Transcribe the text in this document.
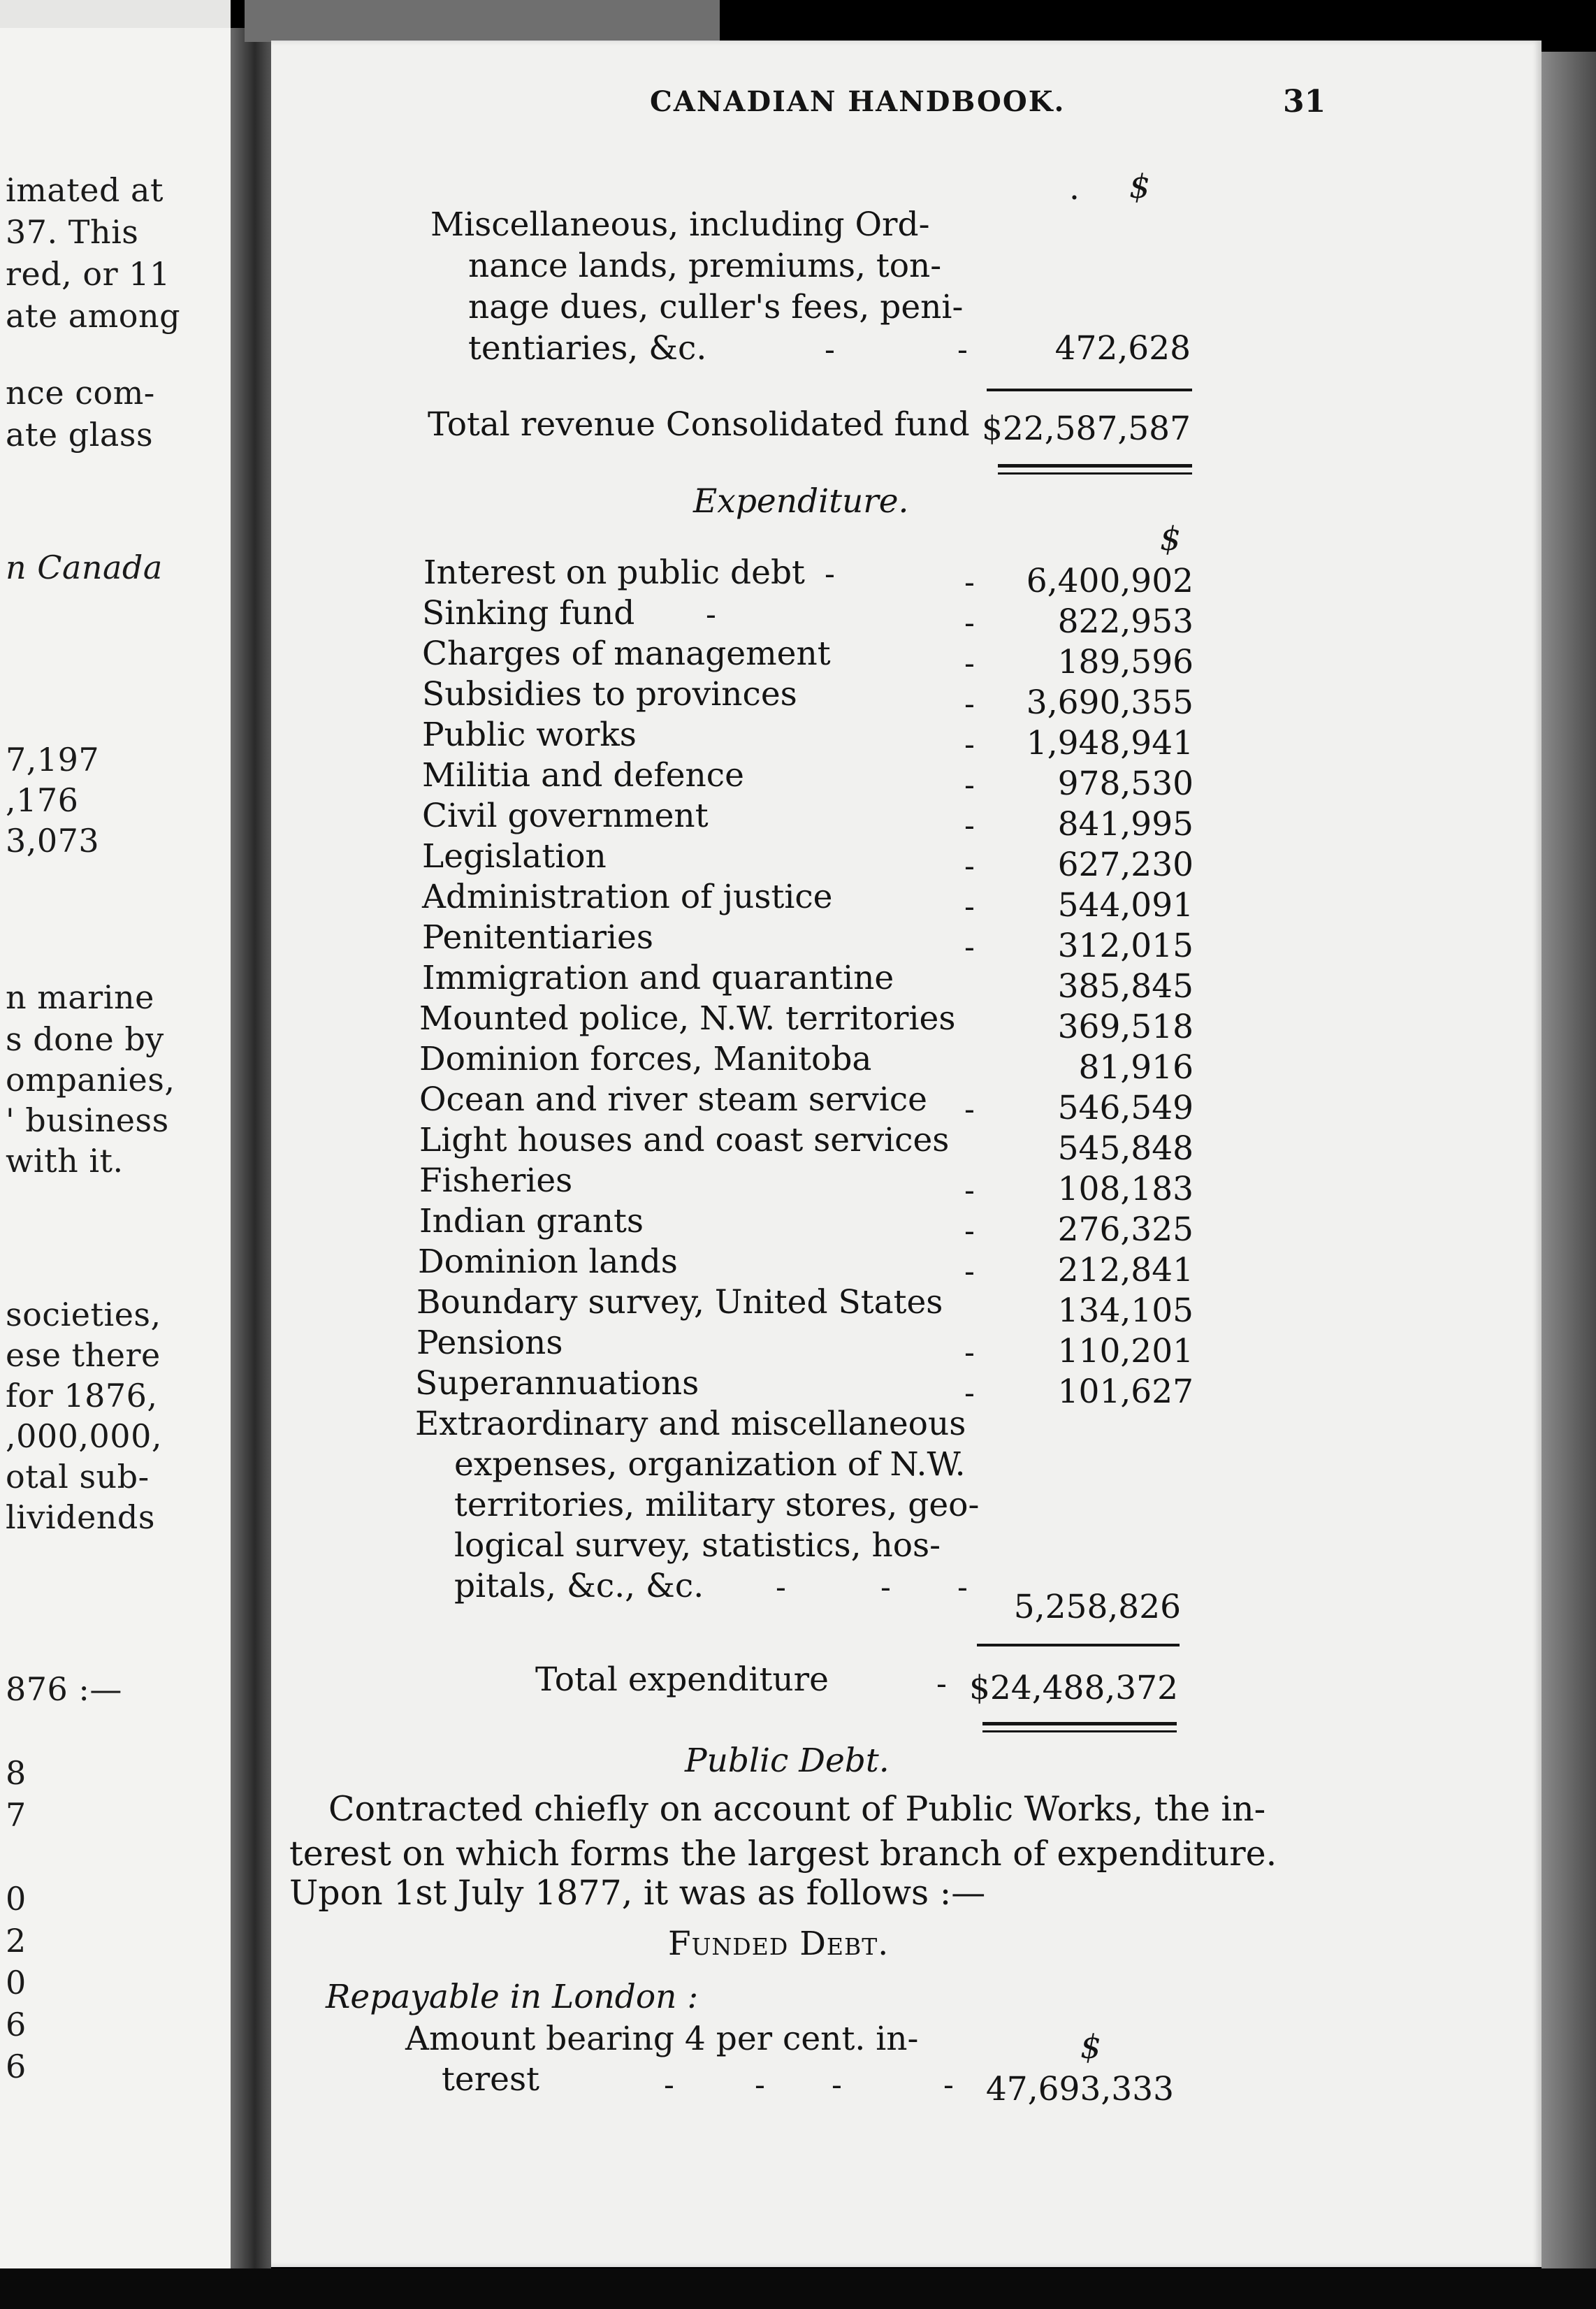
imated at
37. This
red, or 11
ate among
nce com-
ate glass
n Canada
7,197
,176
3,073
n marine
s done by
ompanies,
' business
with it.
societies,
ese there
for 1876,
,000,000,
otal sub-
lividends
876 :—
8
7
0
2
0
6
6
CANADIAN HANDBOOK.	31
. $
Miscellaneous, including Ord-
nance lands, premiums, ton-
nage dues, culler's fees, peni-
tentiaries, &c.	-	-	472,628
Total revenue Consolidated fund $22,587,587
Expenditure.
$
Interest on public debt	6,400,902
Sinking fund	822,953
Charges of management	189,596
Subsidies to provinces	3,690,355
Public works	1,948,941
Militia and defence	978,530
Civil government	841,995
Legislation	627,230
Administration of justice	544,091
Penitentiaries	312,015
Immigration and quarantine	385,845
Mounted police, N.W. territories	369,518
Dominion forces, Manitoba	81,916
Ocean and river steam service	546,549
Light houses and coast services	545,848
Fisheries	108,183
Indian grants	276,325
Dominion lands	212,841
Boundary survey, United States	134,105
Pensions	110,201
Superannuations	101,627
-	-
-	-
-
-
-
-
-
-
-
-
-
-
-
-
-
-
Extraordinary and miscellaneous
expenses, organization of N.W.
territories, military stores, geo-
logical survey, statistics, hos-
pitals, &c., &c. -	- -
5,258,826
Total expenditure	- $24,488,372
Public Debt.
Contracted chiefly on account of Public Works, the in-
terest on which forms the largest branch of expenditure.
Upon 1st July 1877, it was as follows :—
Funded Debt.
Repayable in London :
Amount bearing 4 per cent. in-	$
terest	-	- -	- 47,693,333
